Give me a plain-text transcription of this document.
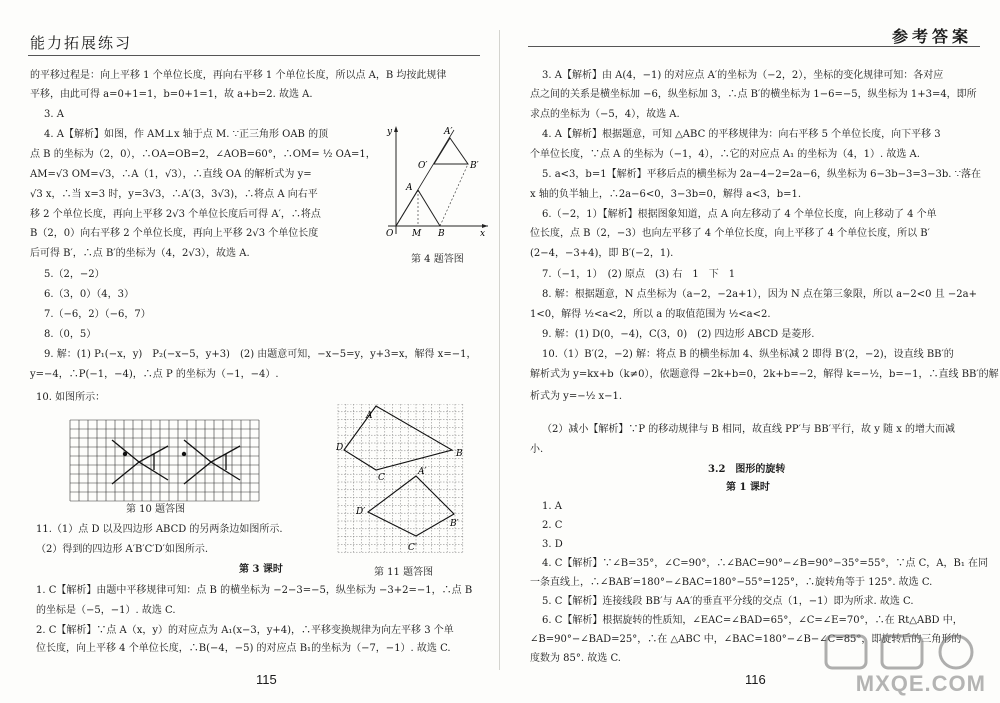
能力拓展练习
的平移过程是：向上平移 1 个单位长度，再向右平移 1 个单位长度，所以点 A，B 均按此规律
平移，由此可得 a=0+1=1，b=0+1=1，故 a+b=2. 故选 A.
3. A
4. A【解析】如图，作 AM⊥x 轴于点 M. ∵正三角形 OAB 的顶
点 B 的坐标为（2，0），∴OA=OB=2，∠AOB=60°，∴OM= ½ OA=1，
AM=√3 OM=√3，∴A（1，√3），∴直线 OA 的解析式为 y=
√3 x，∴当 x=3 时，y=3√3，∴A′(3，3√3)，∴将点 A 向右平
移 2 个单位长度，再向上平移 2√3 个单位长度后可得 A′，∴将点
B（2，0）向右平移 2 个单位长度，再向上平移 2√3 个单位长度
后可得 B′，∴点 B′的坐标为（4，2√3），故选 A.
5.（2，−2）
6.（3，0）（4，3）
7.（−6，2）（−6，7）
8.（0，5）
9. 解：(1) P₁(−x，y)　P₂(−x−5，y+3)　(2) 由题意可知，−x−5=y，y+3=x，解得 x=−1，
y=−4，∴P(−1，−4)，∴点 P 的坐标为（−1，−4）.
10. 如图所示：
11.（1）点 D 以及四边形 ABCD 的另两条边如图所示.
（2）得到的四边形 A′B′C′D′如图所示.
第 3 课时
1. C【解析】由题中平移规律可知：点 B 的横坐标为 −2−3=−5，纵坐标为 −3+2=−1，∴点 B
的坐标是（−5，−1）. 故选 C.
2. C【解析】∵点 A（x，y）的对应点为 A₁(x−3，y+4)，∴平移变换规律为向左平移 3 个单
位长度，向上平移 4 个单位长度，∴B(−4，−5) 的对应点 B₁的坐标为（−7，−1）. 故选 C.
y
x
O M B
A
O′
A′
B′
第 4 题答图
第 10 题答图
A
B
C
D
A′
B′
C′
D′
第 11 题答图
115
参考答案
3. A【解析】由 A(4，−1) 的对应点 A′的坐标为（−2，2），坐标的变化规律可知：各对应
点之间的关系是横坐标加 −6，纵坐标加 3，∴点 B′的横坐标为 1−6=−5，纵坐标为 1+3=4，即所
求点的坐标为（−5，4），故选 A.
4. A【解析】根据题意，可知 △ABC 的平移规律为：向右平移 5 个单位长度，向下平移 3
个单位长度，∵点 A 的坐标为（−1，4），∴它的对应点 A₁ 的坐标为（4，1）. 故选 A.
5. a<3，b=1【解析】平移后点的横坐标为 2a−4−2=2a−6，纵坐标为 6−3b−3=3−3b. ∵落在
x 轴的负半轴上，∴2a−6<0，3−3b=0，解得 a<3，b=1.
6.（−2，1）【解析】根据图象知道，点 A 向左移动了 4 个单位长度，向上移动了 4 个单
位长度，点 B（2，−3）也向左平移了 4 个单位长度，向上平移了 4 个单位长度，所以 B′
(2−4，−3+4)，即 B′(−2，1).
7.（−1，1）　(2) 原点　(3) 右　1　下　1
8. 解：根据题意，N 点坐标为（a−2，−2a+1），因为 N 点在第三象限，所以 a−2<0 且 −2a+
1<0，解得 ½<a<2，所以 a 的取值范围为 ½<a<2.
9. 解：(1) D(0，−4)，C(3，0)　(2) 四边形 ABCD 是菱形.
10.（1）B′(2，−2) 解：将点 B 的横坐标加 4、纵坐标减 2 即得 B′(2，−2)，设直线 BB′的
解析式为 y=kx+b（k≠0），依题意得 −2k+b=0，2k+b=−2，解得 k=−½，b=−1，∴直线 BB′的解
析式为 y=−½ x−1.
（2）减小【解析】∵P 的移动规律与 B 相同，故直线 PP′与 BB′平行，故 y 随 x 的增大而减
小.
3.2　图形的旋转
第 1 课时
1. A
2. C
3. D
4. C【解析】∵∠B=35°，∠C=90°，∴∠BAC=90°−∠B=90°−35°=55°，∵点 C，A，B₁ 在同
一条直线上，∴∠BAB′=180°−∠BAC=180°−55°=125°，∴旋转角等于 125°. 故选 C.
5. C【解析】连接线段 BB′与 AA′的垂直平分线的交点（1，−1）即为所求. 故选 C.
6. C【解析】根据旋转的性质知，∠EAC=∠BAD=65°，∠C=∠E=70°，∴在 Rt△ABD 中，
∠B=90°−∠BAD=25°，∴在 △ABC 中，∠BAC=180°−∠B−∠C=85°，即旋转后的三角形的
度数为 85°. 故选 C.
116	MXQE.COM
